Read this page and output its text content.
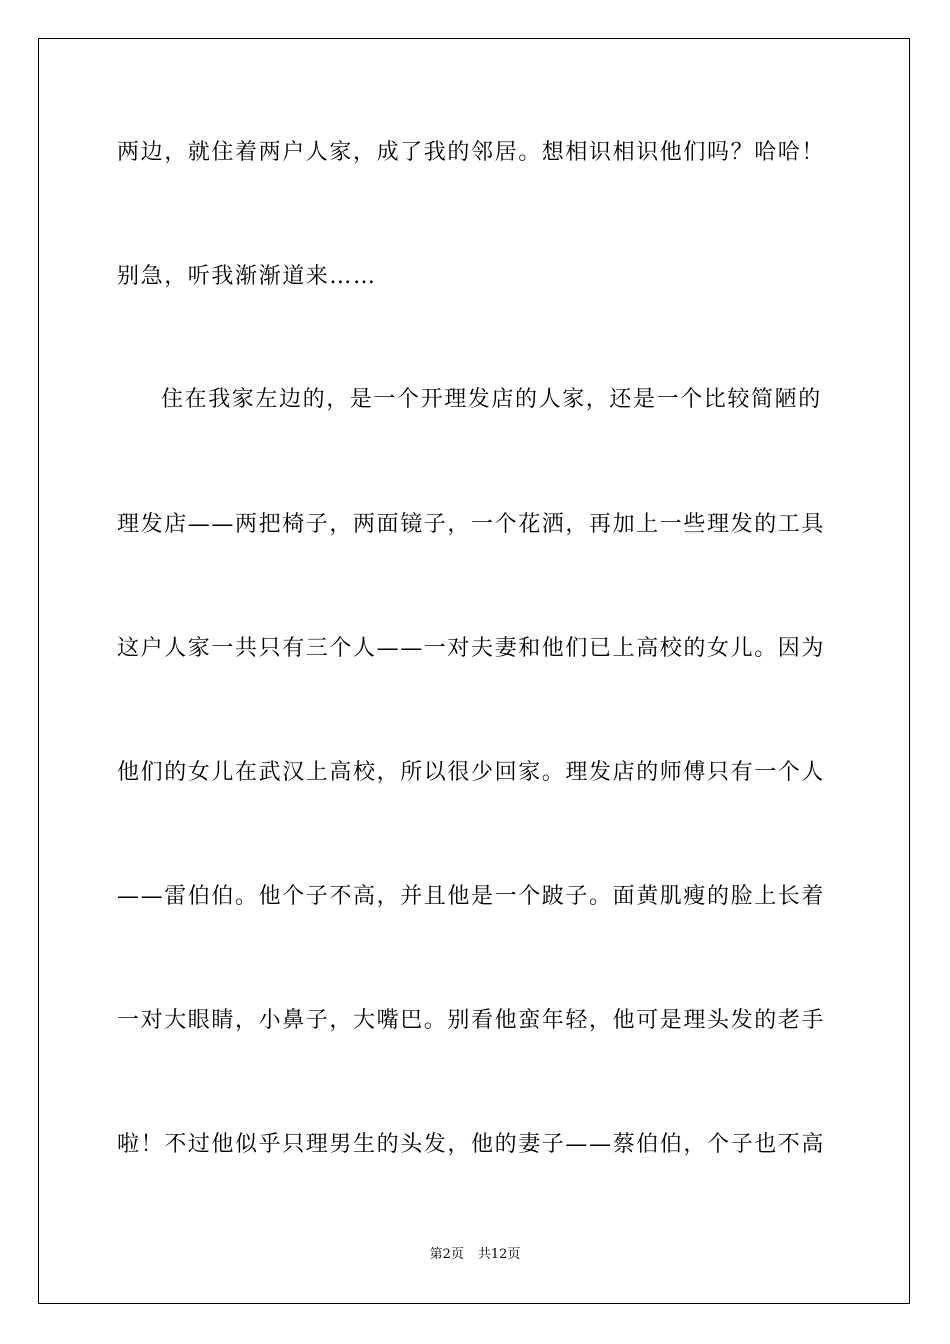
两边，就住着两户人家，成了我的邻居。想相识相识他们吗？哈哈！
别急，听我渐渐道来……
住在我家左边的，是一个开理发店的人家，还是一个比较简陋的
理发店——两把椅子，两面镜子，一个花洒，再加上一些理发的工具
这户人家一共只有三个人——一对夫妻和他们已上高校的女儿。因为
他们的女儿在武汉上高校，所以很少回家。理发店的师傅只有一个人
——雷伯伯。他个子不高，并且他是一个跛子。面黄肌瘦的脸上长着
一对大眼睛，小鼻子，大嘴巴。别看他蛮年轻，他可是理头发的老手
啦！不过他似乎只理男生的头发，他的妻子——蔡伯伯，个子也不高
第2页 共12页
